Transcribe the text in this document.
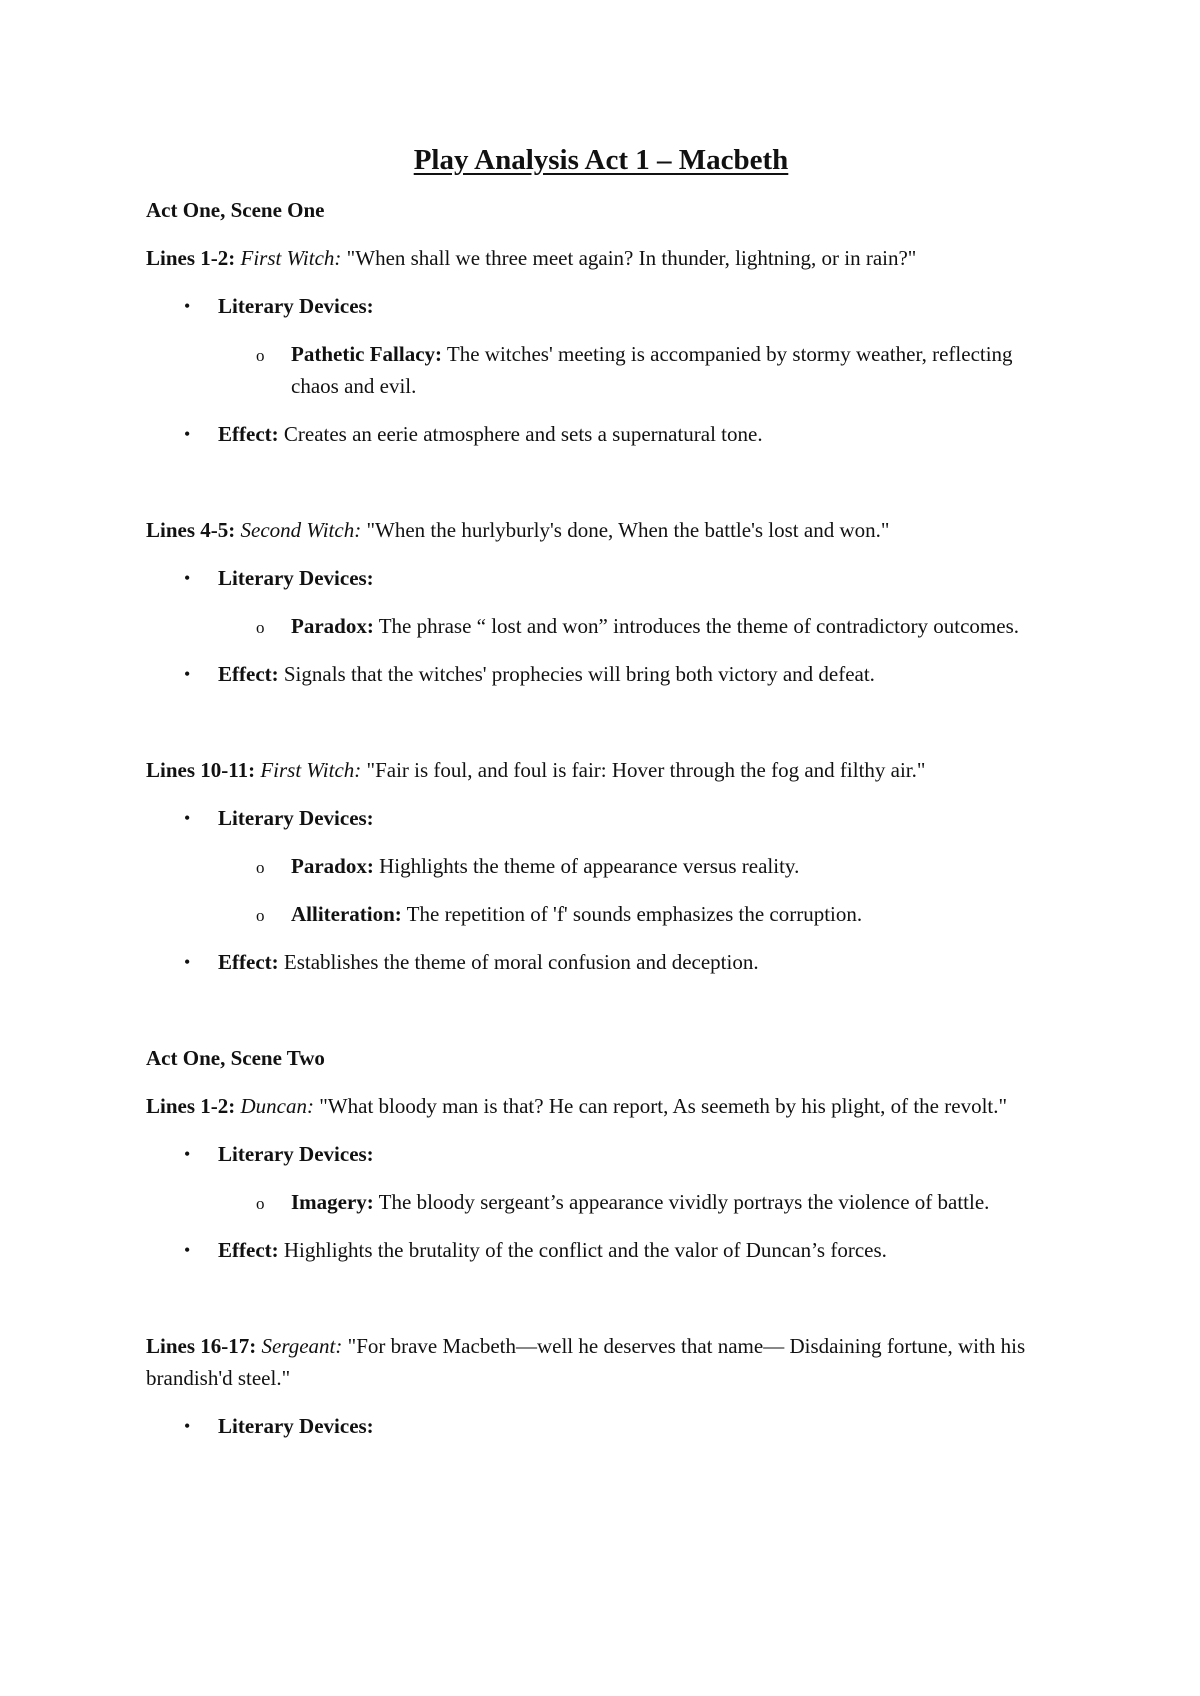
Play Analysis Act 1 – Macbeth
Act One, Scene One
Lines 1-2: First Witch: "When shall we three meet again? In thunder, lightning, or in rain?"
• Literary Devices:
o Pathetic Fallacy: The witches' meeting is accompanied by stormy weather, reflecting chaos and evil.
• Effect: Creates an eerie atmosphere and sets a supernatural tone.
Lines 4-5: Second Witch: "When the hurlyburly's done, When the battle's lost and won."
• Literary Devices:
o Paradox: The phrase “ lost and won” introduces the theme of contradictory outcomes.
• Effect: Signals that the witches' prophecies will bring both victory and defeat.
Lines 10-11: First Witch: "Fair is foul, and foul is fair: Hover through the fog and filthy air."
• Literary Devices:
o Paradox: Highlights the theme of appearance versus reality.
o Alliteration: The repetition of 'f' sounds emphasizes the corruption.
• Effect: Establishes the theme of moral confusion and deception.
Act One, Scene Two
Lines 1-2: Duncan: "What bloody man is that? He can report, As seemeth by his plight, of the revolt."
• Literary Devices:
o Imagery: The bloody sergeant’s appearance vividly portrays the violence of battle.
• Effect: Highlights the brutality of the conflict and the valor of Duncan’s forces.
Lines 16-17: Sergeant: "For brave Macbeth—well he deserves that name— Disdaining fortune, with his brandish'd steel."
• Literary Devices:
